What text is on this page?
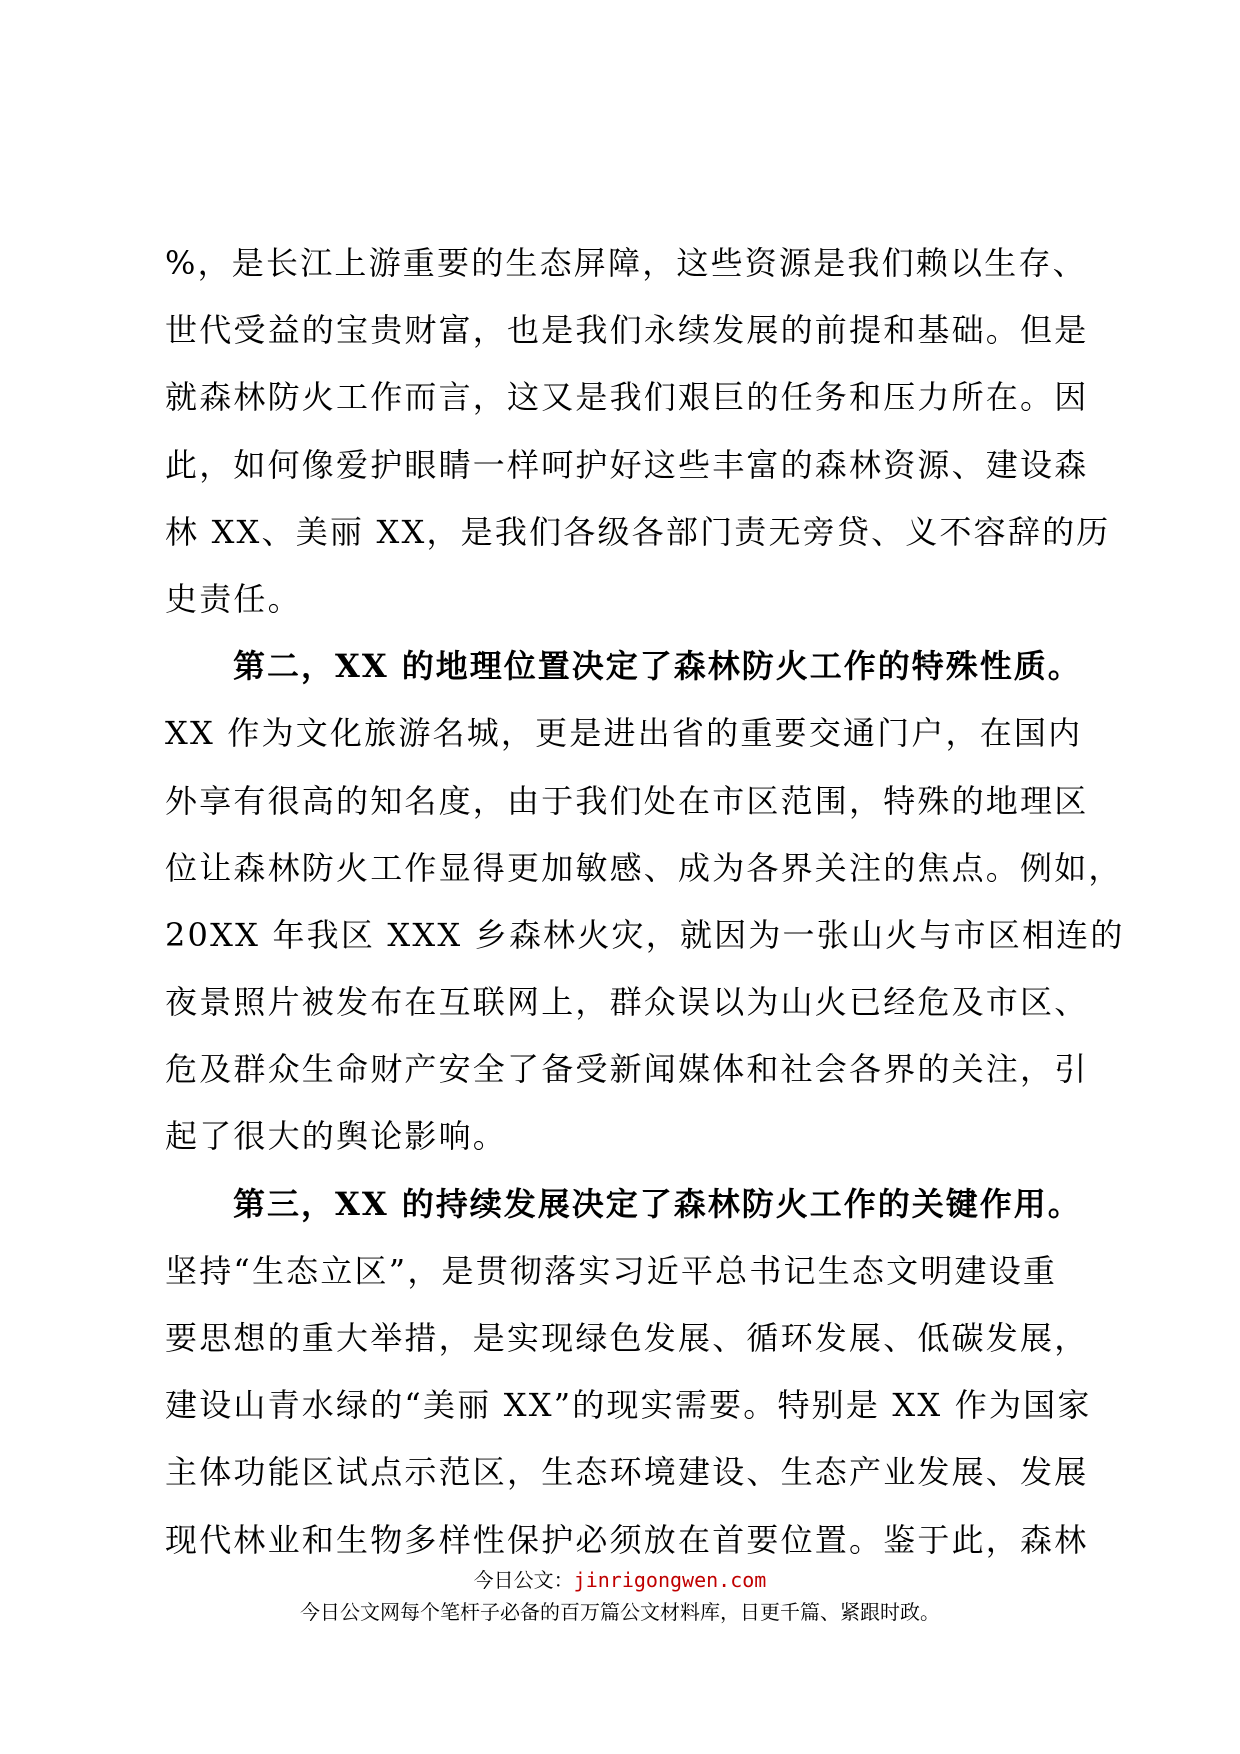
%，是长江上游重要的生态屏障，这些资源是我们赖以生存、
世代受益的宝贵财富，也是我们永续发展的前提和基础。但是
就森林防火工作而言，这又是我们艰巨的任务和压力所在。因
此，如何像爱护眼睛一样呵护好这些丰富的森林资源、建设森
林 XX、美丽 XX，是我们各级各部门责无旁贷、义不容辞的历
史责任。
　　第二，XX 的地理位置决定了森林防火工作的特殊性质。
XX 作为文化旅游名城，更是进出省的重要交通门户，在国内
外享有很高的知名度，由于我们处在市区范围，特殊的地理区
位让森林防火工作显得更加敏感、成为各界关注的焦点。例如，
20XX 年我区 XXX 乡森林火灾，就因为一张山火与市区相连的
夜景照片被发布在互联网上，群众误以为山火已经危及市区、
危及群众生命财产安全了备受新闻媒体和社会各界的关注，引
起了很大的舆论影响。
　　第三，XX 的持续发展决定了森林防火工作的关键作用。
坚持“生态立区”，是贯彻落实习近平总书记生态文明建设重
要思想的重大举措，是实现绿色发展、循环发展、低碳发展，
建设山青水绿的“美丽 XX”的现实需要。特别是 XX 作为国家
主体功能区试点示范区，生态环境建设、生态产业发展、发展
现代林业和生物多样性保护必须放在首要位置。鉴于此，森林
今日公文：jinrigongwen.com
今日公文网每个笔杆子必备的百万篇公文材料库，日更千篇、紧跟时政。
